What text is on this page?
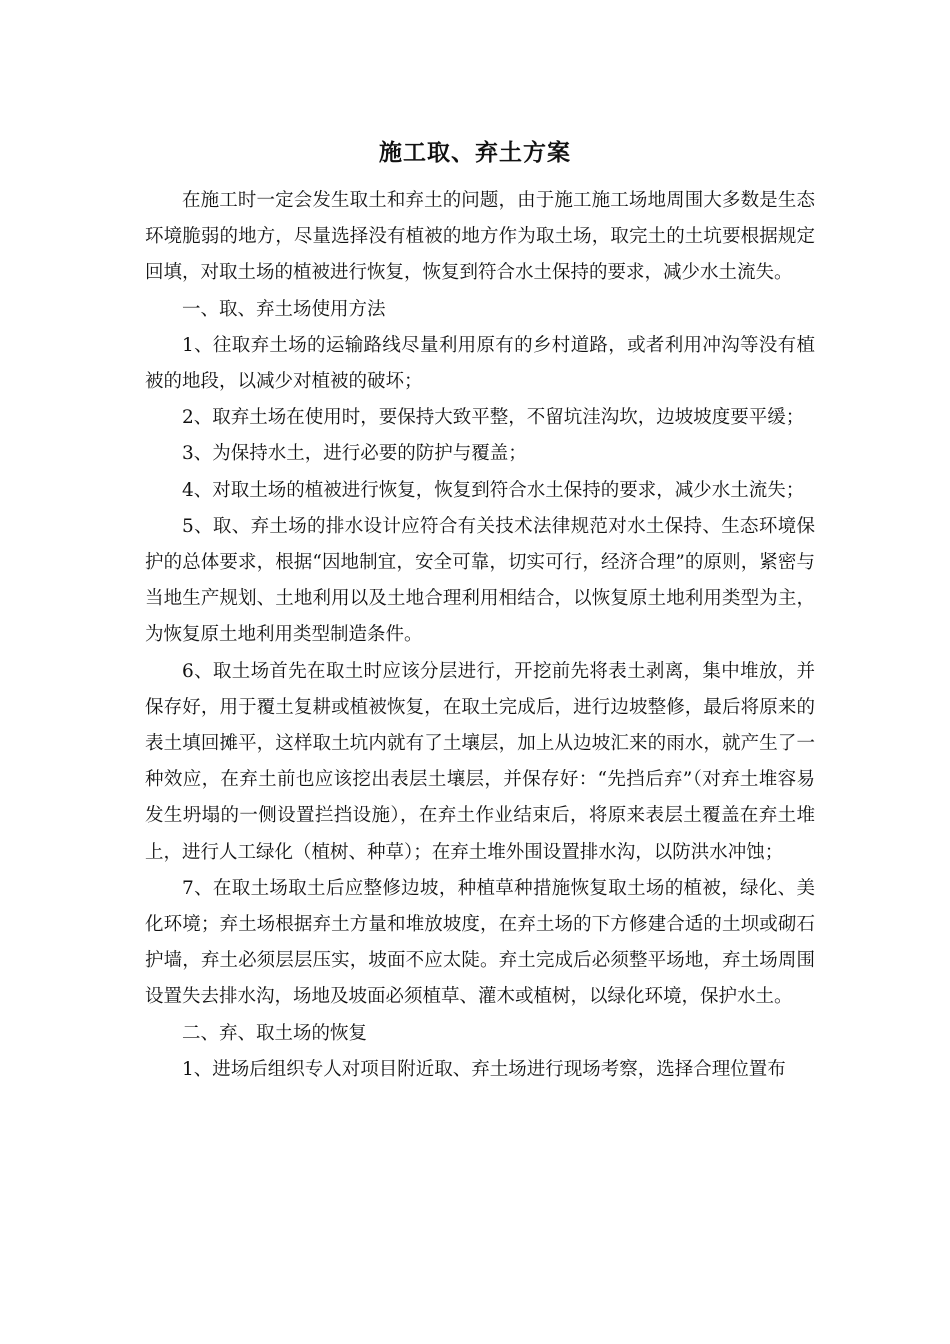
施工取、弃土方案

在施工时一定会发生取土和弃土的问题，由于施工施工场地周围大多数是生态环境脆弱的地方，尽量选择没有植被的地方作为取土场，取完土的土坑要根据规定回填，对取土场的植被进行恢复，恢复到符合水土保持的要求，减少水土流失。

一、取、弃土场使用方法

1、往取弃土场的运输路线尽量利用原有的乡村道路，或者利用冲沟等没有植被的地段，以减少对植被的破坏；

2、取弃土场在使用时，要保持大致平整，不留坑洼沟坎，边坡坡度要平缓；

3、为保持水土，进行必要的防护与覆盖；

4、对取土场的植被进行恢复，恢复到符合水土保持的要求，减少水土流失；

5、取、弃土场的排水设计应符合有关技术法律规范对水土保持、生态环境保护的总体要求，根据“因地制宜，安全可靠，切实可行，经济合理”的原则，紧密与当地生产规划、土地利用以及土地合理利用相结合，以恢复原土地利用类型为主，为恢复原土地利用类型制造条件。

6、取土场首先在取土时应该分层进行，开挖前先将表土剥离，集中堆放，并保存好，用于覆土复耕或植被恢复，在取土完成后，进行边坡整修，最后将原来的表土填回摊平，这样取土坑内就有了土壤层，加上从边坡汇来的雨水，就产生了一种效应，在弃土前也应该挖出表层土壤层，并保存好：“先挡后弃”（对弃土堆容易发生坍塌的一侧设置拦挡设施），在弃土作业结束后，将原来表层土覆盖在弃土堆上，进行人工绿化（植树、种草）；在弃土堆外围设置排水沟，以防洪水冲蚀；

7、在取土场取土后应整修边坡，种植草种措施恢复取土场的植被，绿化、美化环境；弃土场根据弃土方量和堆放坡度，在弃土场的下方修建合适的土坝或砌石护墙，弃土必须层层压实，坡面不应太陡。弃土完成后必须整平场地，弃土场周围设置失去排水沟，场地及坡面必须植草、灌木或植树，以绿化环境，保护水土。

二、弃、取土场的恢复

1、进场后组织专人对项目附近取、弃土场进行现场考察，选择合理位置布
